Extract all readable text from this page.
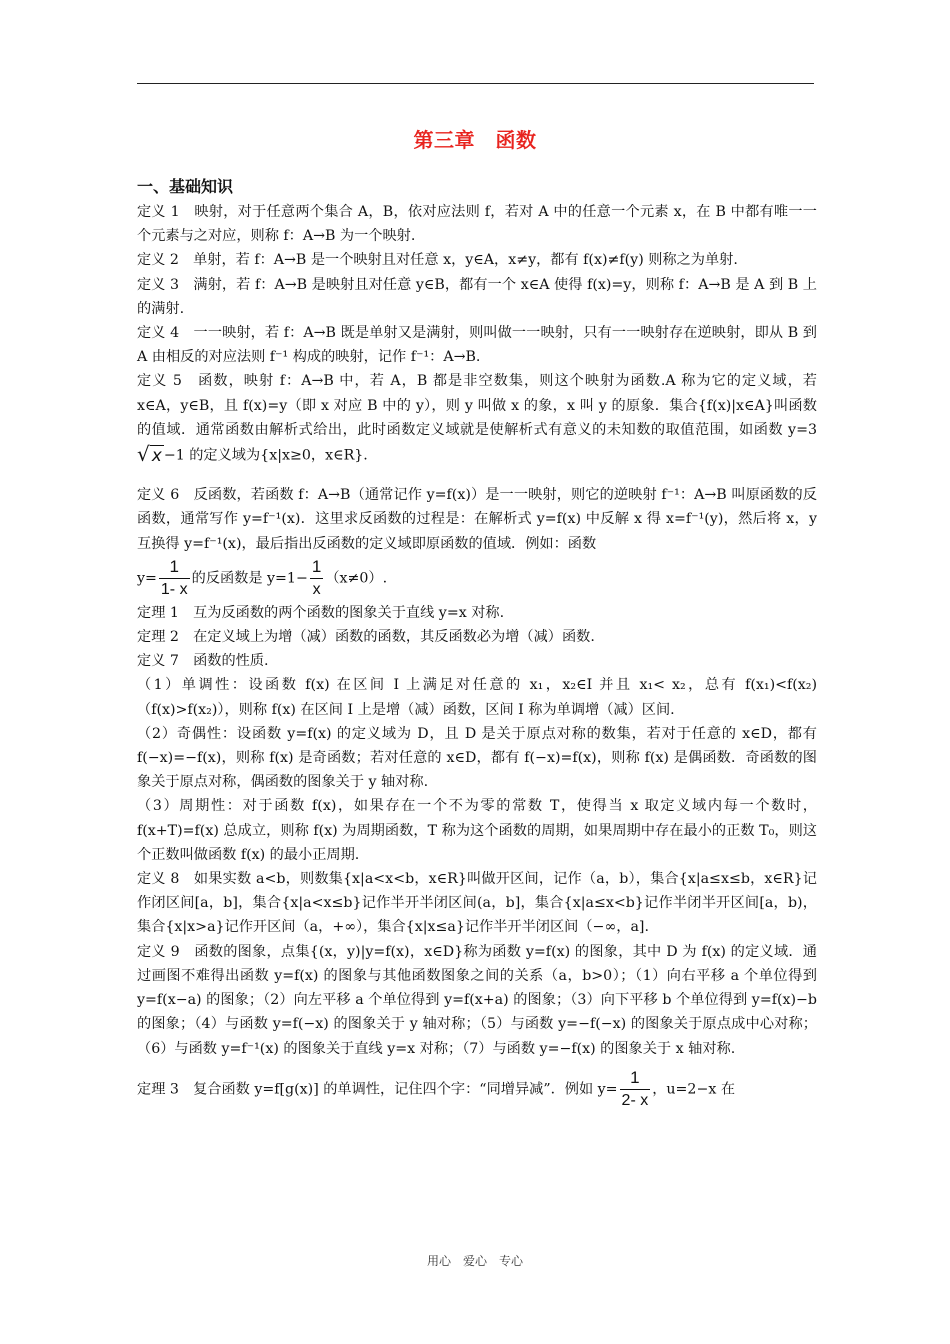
第三章　函数
一、基础知识

定义 1　映射，对于任意两个集合 A，B，依对应法则 f，若对 A 中的任意一个元素 x，在 B 中都有唯一一个元素与之对应，则称 f：A→B 为一个映射.

定义 2　单射，若 f：A→B 是一个映射且对任意 x，y∈A，x≠y，都有 f(x)≠f(y) 则称之为单射.

定义 3　满射，若 f：A→B 是映射且对任意 y∈B，都有一个 x∈A 使得 f(x)=y，则称 f：A→B 是 A 到 B 上的满射.

定义 4　一一映射，若 f：A→B 既是单射又是满射，则叫做一一映射，只有一一映射存在逆映射，即从 B 到 A 由相反的对应法则 f⁻¹ 构成的映射，记作 f⁻¹：A→B.

定义 5　函数，映射 f：A→B 中，若 A，B 都是非空数集，则这个映射为函数.A 称为它的定义域，若 x∈A，y∈B，且 f(x)=y（即 x 对应 B 中的 y），则 y 叫做 x 的象，x 叫 y 的原象．集合{f(x)|x∈A}叫函数的值域．通常函数由解析式给出，此时函数定义域就是使解析式有意义的未知数的取值范围，如函数 y=3√ x −1 的定义域为{x|x≥0，x∈R}.

定义 6　反函数，若函数 f：A→B（通常记作 y=f(x)）是一一映射，则它的逆映射 f⁻¹：A→B 叫原函数的反函数，通常写作 y=f⁻¹(x)．这里求反函数的过程是：在解析式 y=f(x) 中反解 x 得 x=f⁻¹(y)，然后将 x，y 互换得 y=f⁻¹(x)，最后指出反函数的定义域即原函数的值域．例如：函数

$y= \frac{1}{1- x}$ 的反函数是 $y=1- \frac{1}{x} (x\ne 0)$.

定理 1　互为反函数的两个函数的图象关于直线 y=x 对称.

定理 2　在定义域上为增（减）函数的函数，其反函数必为增（减）函数.

定义 7　函数的性质.

（1）单调性：设函数 f(x) 在区间 I 上满足对任意的 x₁，x₂∈I 并且 x₁< x₂，总有 f(x₁)<f(x₂)（f(x)>f(x₂)），则称 f(x) 在区间 I 上是增（减）函数，区间 I 称为单调增（减）区间.

（2）奇偶性：设函数 y=f(x) 的定义域为 D，且 D 是关于原点对称的数集，若对于任意的 x∈D，都有 f(−x)=−f(x)，则称 f(x) 是奇函数；若对任意的 x∈D，都有 f(−x)=f(x)，则称 f(x) 是偶函数．奇函数的图象关于原点对称，偶函数的图象关于 y 轴对称.

（3）周期性：对于函数 f(x)，如果存在一个不为零的常数 T，使得当 x 取定义域内每一个数时，f(x+T)=f(x) 总成立，则称 f(x) 为周期函数，T 称为这个函数的周期，如果周期中存在最小的正数 T₀，则这个正数叫做函数 f(x) 的最小正周期.

定义 8　如果实数 a<b，则数集{x|a<x<b，x∈R}叫做开区间，记作（a，b），集合{x|a≤x≤b，x∈R}记作闭区间[a，b]，集合{x|a<x≤b}记作半开半闭区间(a，b]，集合{x|a≤x<b}记作半闭半开区间[a，b)，集合{x|x>a}记作开区间（a，+∞），集合{x|x≤a}记作半开半闭区间（−∞，a].

定义 9　函数的图象，点集{(x，y)|y=f(x)，x∈D}称为函数 y=f(x) 的图象，其中 D 为 f(x) 的定义域．通过画图不难得出函数 y=f(x) 的图象与其他函数图象之间的关系（a，b>0）；（1）向右平移 a 个单位得到 y=f(x−a) 的图象；（2）向左平移 a 个单位得到 y=f(x+a) 的图象；（3）向下平移 b 个单位得到 y=f(x)−b 的图象；（4）与函数 y=f(−x) 的图象关于 y 轴对称；（5）与函数 y=−f(−x) 的图象关于原点成中心对称；（6）与函数 y=f⁻¹(x) 的图象关于直线 y=x 对称；（7）与函数 y=−f(x) 的图象关于 x 轴对称.

定理 3　复合函数 y=f[g(x)] 的单调性，记住四个字：“同增异减”．例如 $y= \frac{1}{2- x}$ ，u=2−x 在

用心　爱心　专心
